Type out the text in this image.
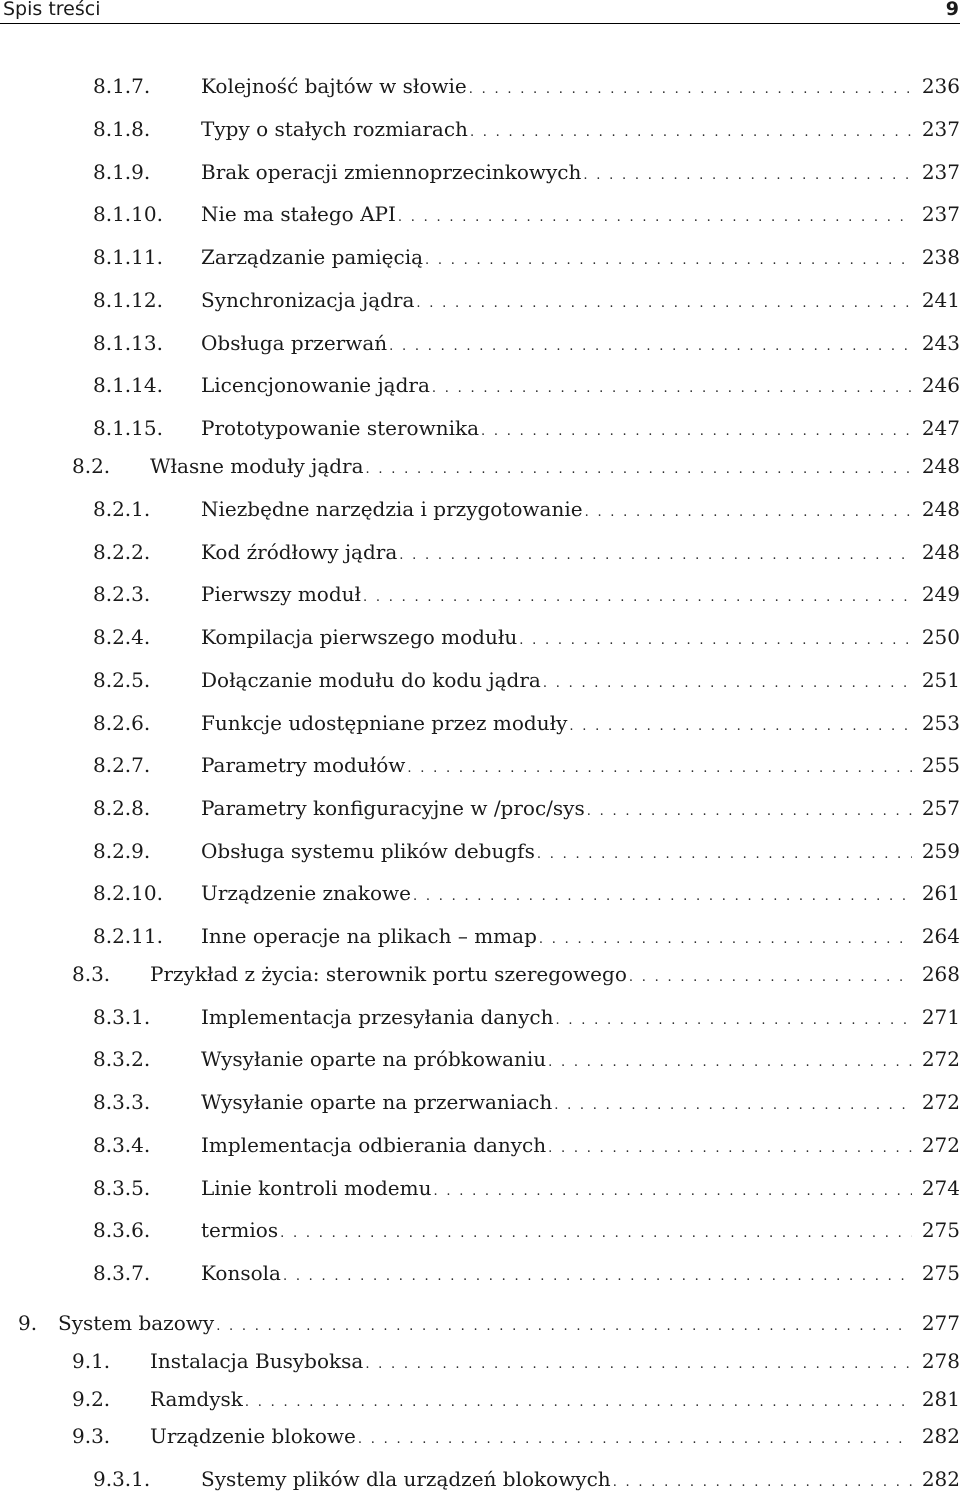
Spis treści	9
8.1.7.	Kolejność bajtów w słowie . . .	236
8.1.8.	Typy o stałych rozmiarach . . .	237
8.1.9.	Brak operacji zmiennoprzecinkowych . . .	237
8.1.10.	Nie ma stałego API . . .	237
8.1.11.	Zarządzanie pamięcią . . .	238
8.1.12.	Synchronizacja jądra . . .	241
8.1.13.	Obsługa przerwań . . .	243
8.1.14.	Licencjonowanie jądra . . .	246
8.1.15.	Prototypowanie sterownika . . .	247
8.2.	Własne moduły jądra . . .	248
8.2.1.	Niezbędne narzędzia i przygotowanie . . .	248
8.2.2.	Kod źródłowy jądra . . .	248
8.2.3.	Pierwszy moduł . . .	249
8.2.4.	Kompilacja pierwszego modułu . . .	250
8.2.5.	Dołączanie modułu do kodu jądra . . .	251
8.2.6.	Funkcje udostępniane przez moduły . . .	253
8.2.7.	Parametry modułów . . .	255
8.2.8.	Parametry konfiguracyjne w /proc/sys . . .	257
8.2.9.	Obsługa systemu plików debugfs . . .	259
8.2.10.	Urządzenie znakowe . . .	261
8.2.11.	Inne operacje na plikach – mmap . . .	264
8.3.	Przykład z życia: sterownik portu szeregowego . . .	268
8.3.1.	Implementacja przesyłania danych . . .	271
8.3.2.	Wysyłanie oparte na próbkowaniu . . .	272
8.3.3.	Wysyłanie oparte na przerwaniach . . .	272
8.3.4.	Implementacja odbierania danych . . .	272
8.3.5.	Linie kontroli modemu . . .	274
8.3.6.	termios . . .	275
8.3.7.	Konsola . . .	275
9.	System bazowy . . .	277
9.1.	Instalacja Busyboksa . . .	278
9.2.	Ramdysk . . .	281
9.3.	Urządzenie blokowe . . .	282
9.3.1.	Systemy plików dla urządzeń blokowych . . .	282
